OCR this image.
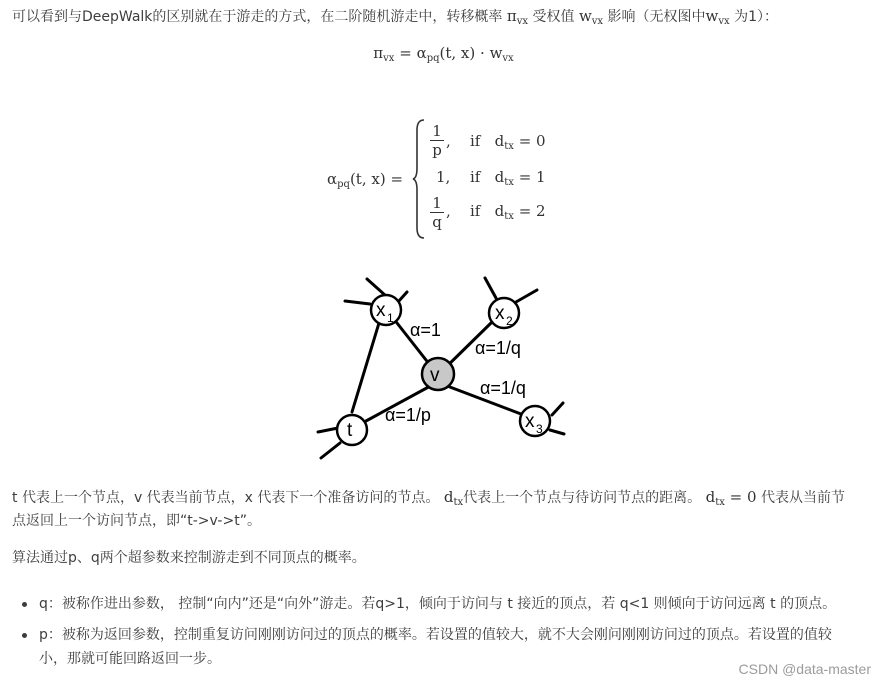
可以看到与DeepWalk的区别就在于游走的方式，在二阶随机游走中，转移概率 $\pi_{vx}$ 受权值 $w_{vx}$ 影响（无权图中$w_{vx}$ 为1）：
$\pi_{vx} = \alpha_{pq}(t$, $x) \cdot w_{vx}$
$\alpha_{pq}(t$, x) =
$\frac{1}{p}$ , if $d_{tx} = 0$
1, if $d_{tx} = 1$
$\frac{1}{q}$ , if $d_{tx} = 2$
v
x 1	x 2
x 3
t
α=1
α=1/q
α=1/q
α=1/p
t 代表上一个节点，v 代表当前节点，x 代表下一个准备访问的节点。 $d_{tx}$代表上一个节点与待访问节点的距离。 $d_{tx} = 0$ 代表从当前节
点返回上一个访问节点，即“t->v->t”。
算法通过p、q两个超参数来控制游走到不同顶点的概率。
q：被称作进出参数， 控制“向内”还是“向外”游走。若q>1，倾向于访问与 t 接近的顶点，若 q<1 则倾向于访问远离 t 的顶点。
p：被称为返回参数，控制重复访问刚刚访问过的顶点的概率。若设置的值较大，就不大会刚问刚刚访问过的顶点。若设置的值较
小，那就可能回路返回一步。
CSDN @data-master
